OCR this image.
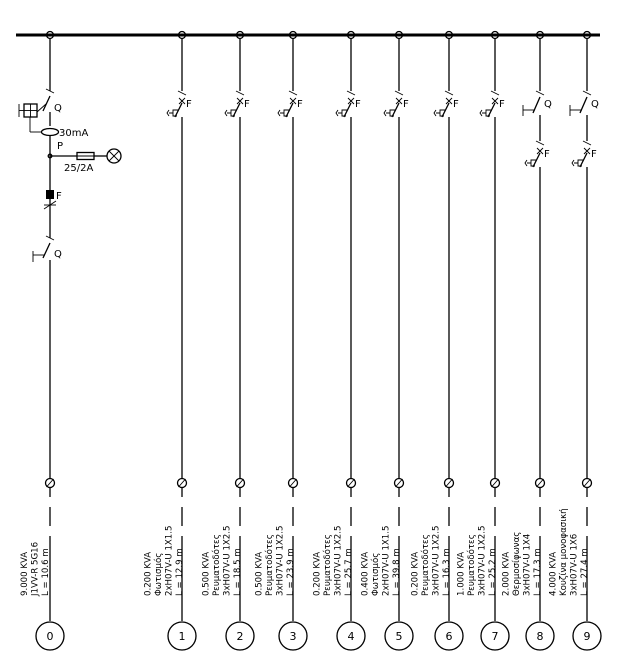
Q
30mA
P
25/2A
F
Q
9.000 KVA J1VV-R 5G16 L = 10.6 m
0
F
0.200 KVA Φωτισμός 2xH07V-U 1X1.5 L = 12.9 m
1
F
0.500 KVA Ρευματοδότες 3xH07V-U 1X2.5 L = 18.5 m
2
F
0.500 KVA Ρευματοδότες 3xH07V-U 1X2.5 L = 23.9 m
3
F
0.200 KVA Ρευματοδότες 3xH07V-U 1X2.5 L = 25.7 m
4
F
0.400 KVA Φωτισμός 2xH07V-U 1X1.5 L = 39.8 m
5
F
0.200 KVA Ρευματοδότες 3xH07V-U 1X2.5 L = 16.3 m
6
F
1.000 KVA Ρευματοδότες 3xH07V-U 1X2.5 L = 25.2 m
7
Q
F
2.000 KVA Θερμοσίφωνας 3xH07V-U 1X4 L = 17.3 m
8
Q
F
4.000 KVA Κουζίνα μονοφασική 3xH07V-U 1X6 L = 27.4 m
9
